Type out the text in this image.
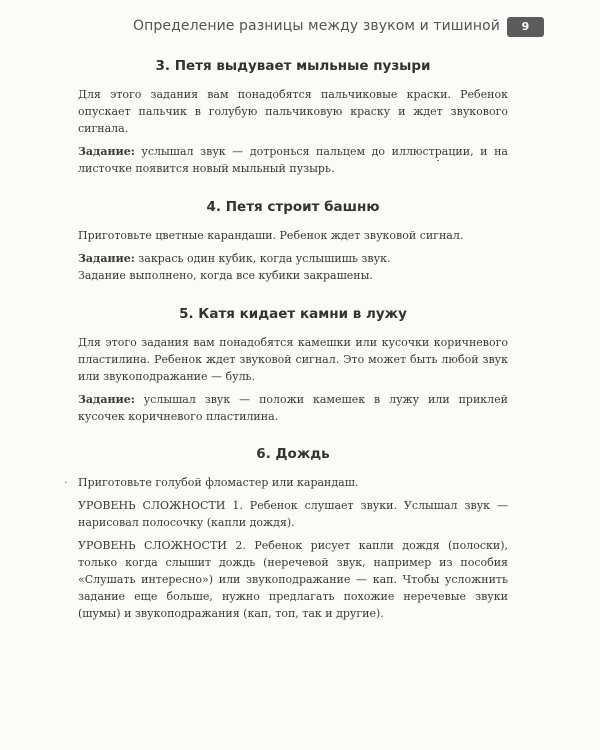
Определение разницы между звуком и тишиной	9
3. Петя выдувает мыльные пузыри

Для этого задания вам понадобятся пальчиковые краски. Ребенок опускает пальчик в голубую пальчиковую краску и ждет звукового сигнала.

Задание: услышал звук — дотронься пальцем до иллюстрации, и на листочке появится новый мыльный пузырь.

4. Петя строит башню

Приготовьте цветные карандаши. Ребенок ждет звуковой сигнал.

Задание: закрась один кубик, когда услышишь звук.

Задание выполнено, когда все кубики закрашены.

5. Катя кидает камни в лужу

Для этого задания вам понадобятся камешки или кусочки коричневого пластилина. Ребенок ждет звуковой сигнал. Это может быть любой звук или звукоподражание — буль.

Задание: услышал звук — положи камешек в лужу или приклей кусочек коричневого пластилина.

6. Дождь

· Приготовьте голубой фломастер или карандаш.

УРОВЕНЬ СЛОЖНОСТИ 1. Ребенок слушает звуки. Услышал звук — нарисовал полосочку (капли дождя).

УРОВЕНЬ СЛОЖНОСТИ 2. Ребенок рисует капли дождя (полоски), только когда слышит дождь (неречевой звук, например из пособия «Слушать интересно») или звукоподражание — кап. Чтобы усложнить задание еще больше, нужно предлагать похожие неречевые звуки (шумы) и звукоподражания (кап, топ, так и другие).
